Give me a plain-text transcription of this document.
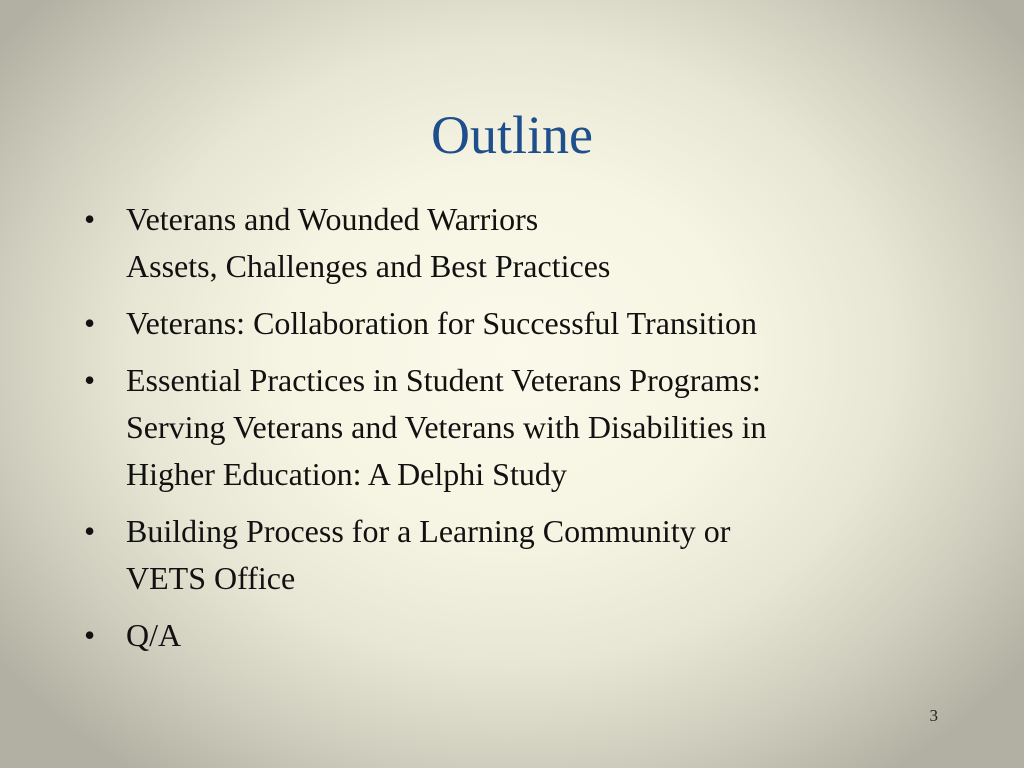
Outline
• Veterans and Wounded Warriors
Assets, Challenges and Best Practices
• Veterans: Collaboration for Successful Transition
• Essential Practices in Student Veterans Programs:
Serving Veterans and Veterans with Disabilities in
Higher Education: A Delphi Study
• Building Process for a Learning Community or
VETS Office
• Q/A
3
